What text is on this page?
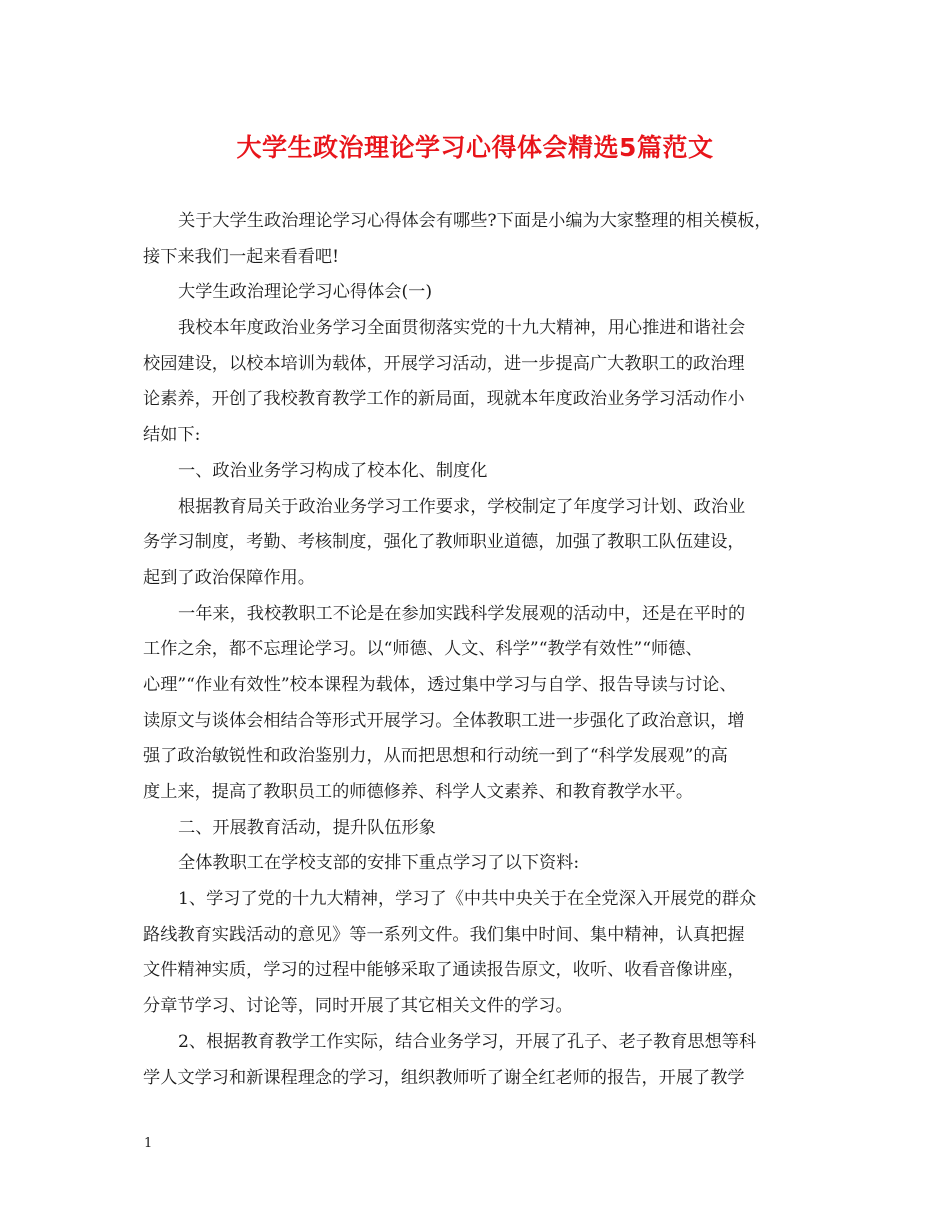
大学生政治理论学习心得体会精选5篇范文
关于大学生政治理论学习心得体会有哪些?下面是小编为大家整理的相关模板，
接下来我们一起来看看吧!
大学生政治理论学习心得体会(一)
我校本年度政治业务学习全面贯彻落实党的十九大精神，用心推进和谐社会
校园建设，以校本培训为载体，开展学习活动，进一步提高广大教职工的政治理
论素养，开创了我校教育教学工作的新局面，现就本年度政治业务学习活动作小
结如下:
一、政治业务学习构成了校本化、制度化
根据教育局关于政治业务学习工作要求，学校制定了年度学习计划、政治业
务学习制度，考勤、考核制度，强化了教师职业道德，加强了教职工队伍建设，
起到了政治保障作用。
一年来，我校教职工不论是在参加实践科学发展观的活动中，还是在平时的
工作之余，都不忘理论学习。以“师德、人文、科学”“教学有效性”“师德、
心理”“作业有效性”校本课程为载体，透过集中学习与自学、报告导读与讨论、
读原文与谈体会相结合等形式开展学习。全体教职工进一步强化了政治意识，增
强了政治敏锐性和政治鉴别力，从而把思想和行动统一到了“科学发展观”的高
度上来，提高了教职员工的师德修养、科学人文素养、和教育教学水平。
二、开展教育活动，提升队伍形象
全体教职工在学校支部的安排下重点学习了以下资料:
1、学习了党的十九大精神，学习了《中共中央关于在全党深入开展党的群众
路线教育实践活动的意见》等一系列文件。我们集中时间、集中精神，认真把握
文件精神实质，学习的过程中能够采取了通读报告原文，收听、收看音像讲座，
分章节学习、讨论等，同时开展了其它相关文件的学习。
2、根据教育教学工作实际，结合业务学习，开展了孔子、老子教育思想等科
学人文学习和新课程理念的学习，组织教师听了谢全红老师的报告，开展了教学
1
